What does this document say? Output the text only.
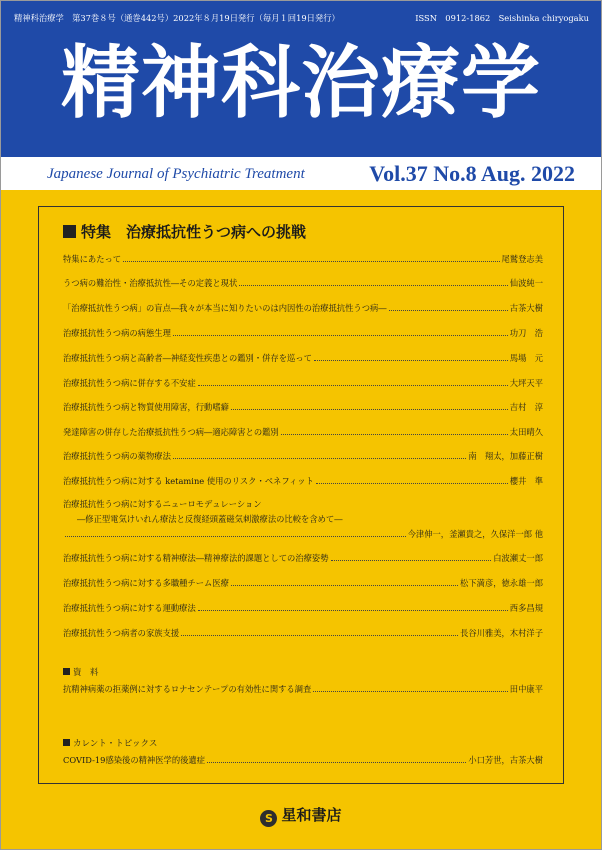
精神科治療学　第37巻８号（通巻442号）2022年８月19日発行（毎月１回19日発行）	ISSN　0912-1862　Seishinka chiryogaku
精神科治療学
Japanese Journal of Psychiatric Treatment	Vol.37 No.8 Aug. 2022
特集　治療抵抗性うつ病への挑戦
特集にあたって	尾鷲登志美
うつ病の難治性・治療抵抗性―その定義と現状	仙波純一
「治療抵抗性うつ病」の盲点―我々が本当に知りたいのは内因性の治療抵抗性うつ病―	古茶大樹
治療抵抗性うつ病の病態生理	功刀　浩
治療抵抗性うつ病と高齢者―神経変性疾患との鑑別・併存を巡って	馬場　元
治療抵抗性うつ病に併存する不安症	大坪天平
治療抵抗性うつ病と物質使用障害，行動嗜癖	吉村　淳
発達障害の併存した治療抵抗性うつ病―適応障害との鑑別	太田晴久
治療抵抗性うつ病の薬物療法	南　翔太，加藤正樹
治療抵抗性うつ病に対する ketamine 使用のリスク・ベネフィット	櫻井　準
治療抵抗性うつ病に対するニューロモデュレーション
―修正型電気けいれん療法と反復経頭蓋磁気刺激療法の比較を含めて―
今津伸一，釜瀬貴之，久保洋一郎 他
治療抵抗性うつ病に対する精神療法―精神療法的課題としての治療姿勢	白波瀬丈一郎
治療抵抗性うつ病に対する多職種チーム医療	松下満彦，徳永雄一郎
治療抵抗性うつ病に対する運動療法	西多昌規
治療抵抗性うつ病者の家族支援	長谷川雅美，木村洋子
資　料
抗精神病薬の拒薬例に対するロナセンテープの有効性に関する調査	田中康平
カレント・トピックス
COVID-19感染後の精神医学的後遺症	小口芳世，古茶大樹
S 星和書店
